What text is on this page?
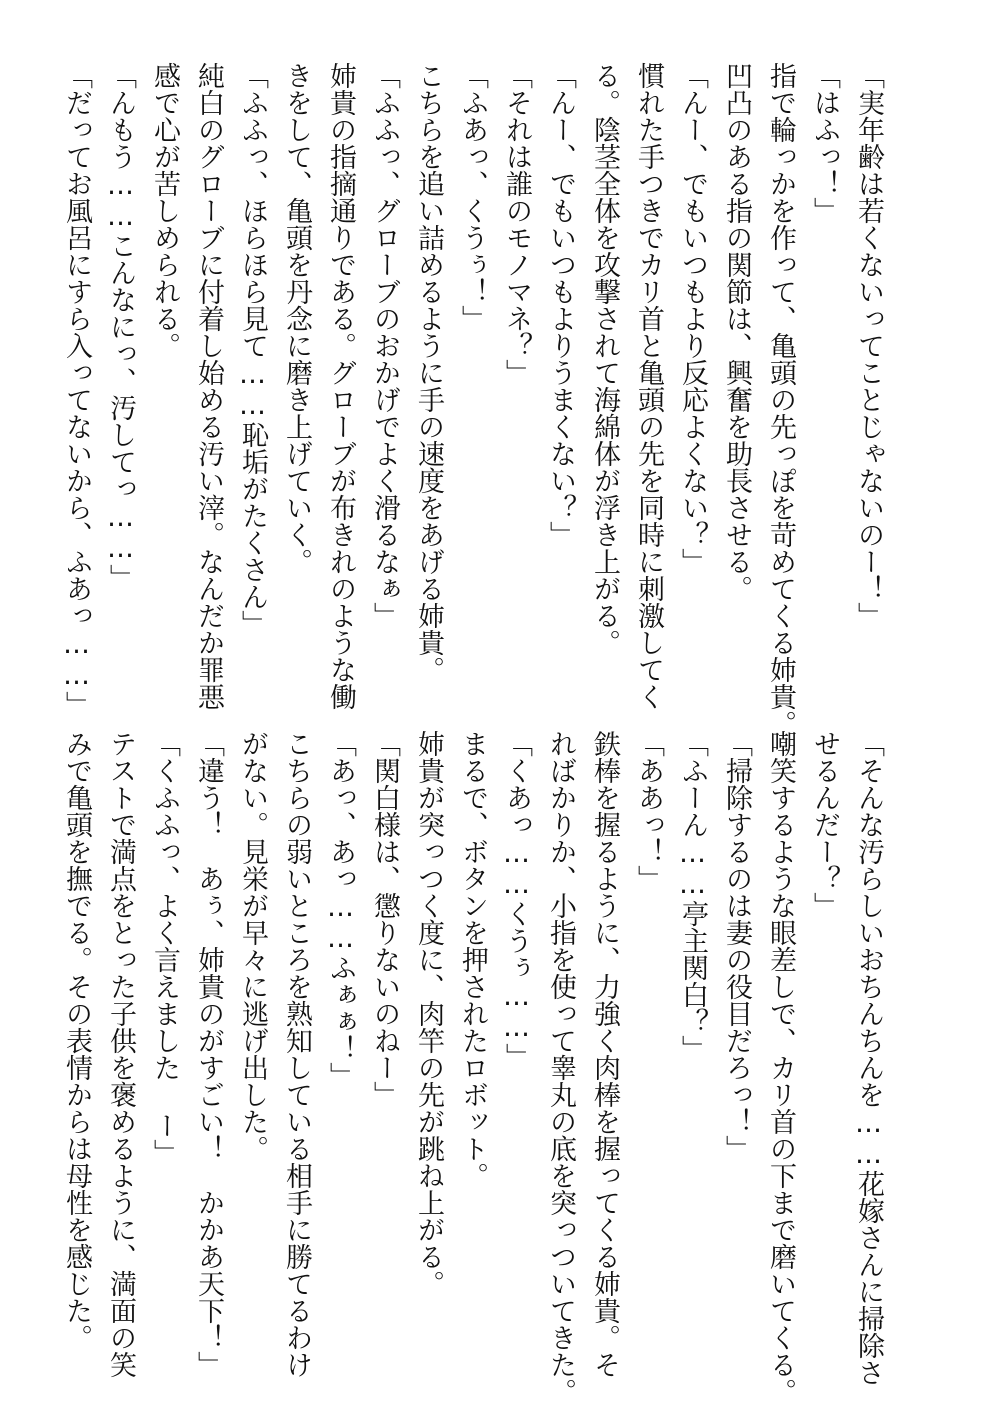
「実年齢は若くないってことじゃないのー！」
「はふっ！」
指で輪っかを作って、亀頭の先っぽを苛めてくる姉貴。
凹凸のある指の関節は、興奮を助長させる。
「んー、でもいつもより反応よくない？」
慣れた手つきでカリ首と亀頭の先を同時に刺激してく
る。陰茎全体を攻撃されて海綿体が浮き上がる。
「んー、でもいつもよりうまくない？」
「それは誰のモノマネ？」
「ふあっ、くうぅ！」
こちらを追い詰めるように手の速度をあげる姉貴。
「ふふっ、グローブのおかげでよく滑るなぁ」
姉貴の指摘通りである。グローブが布きれのような働
きをして、亀頭を丹念に磨き上げていく。
「ふふっ、ほらほら見て……恥垢がたくさん」
純白のグローブに付着し始める汚い滓。なんだか罪悪
感で心が苦しめられる。
「んもう……こんなにっ、汚してっ……」
「だってお風呂にすら入ってないから、ふあっ……」
「そんな汚らしいおちんちんを……花嫁さんに掃除さ
せるんだー？」
嘲笑するような眼差しで、カリ首の下まで磨いてくる。
「掃除するのは妻の役目だろっ！」
「ふーん……亭主関白？」
「ああっ！」
鉄棒を握るように、力強く肉棒を握ってくる姉貴。そ
ればかりか、小指を使って睾丸の底を突っついてきた。
「くあっ……くうぅ……」
まるで、ボタンを押されたロボット。
姉貴が突っつく度に、肉竿の先が跳ね上がる。
「関白様は、懲りないのねー」
「あっ、あっ……ふぁぁ！」
こちらの弱いところを熟知している相手に勝てるわけ
がない。見栄が早々に逃げ出した。
「違う！　あぅ、姉貴のがすごい！　かかあ天下！」
「くふふっ、よく言えました ー」
テストで満点をとった子供を褒めるように、満面の笑
みで亀頭を撫でる。その表情からは母性を感じた。
